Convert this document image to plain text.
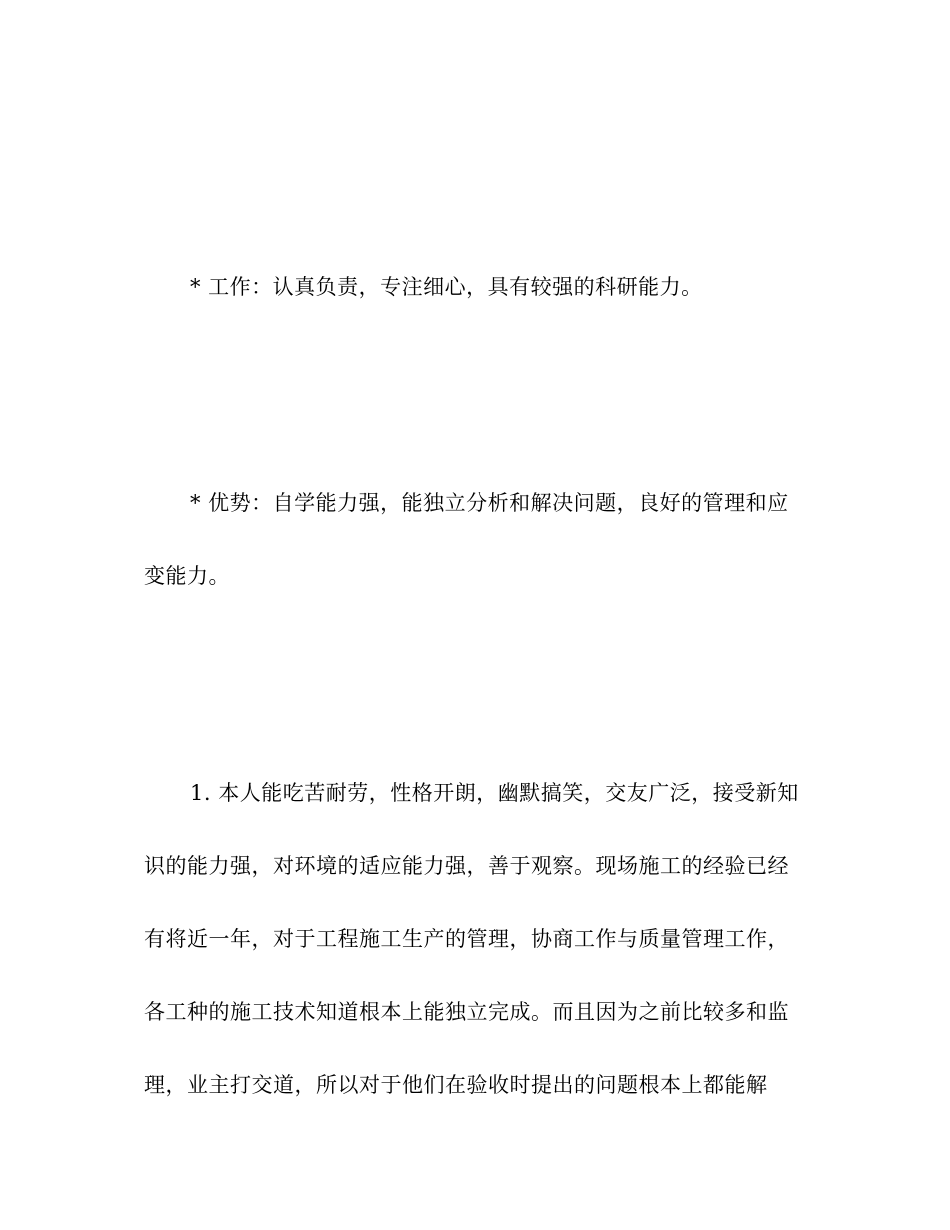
* 工作：认真负责，专注细心，具有较强的科研能力。

* 优势：自学能力强，能独立分析和解决问题，良好的管理和应
变能力。

1. 本人能吃苦耐劳，性格开朗，幽默搞笑，交友广泛，接受新知
识的能力强，对环境的适应能力强，善于观察。现场施工的经验已经
有将近一年，对于工程施工生产的管理，协商工作与质量管理工作，
各工种的施工技术知道根本上能独立完成。而且因为之前比较多和监
理，业主打交道，所以对于他们在验收时提出的问题根本上都能解
